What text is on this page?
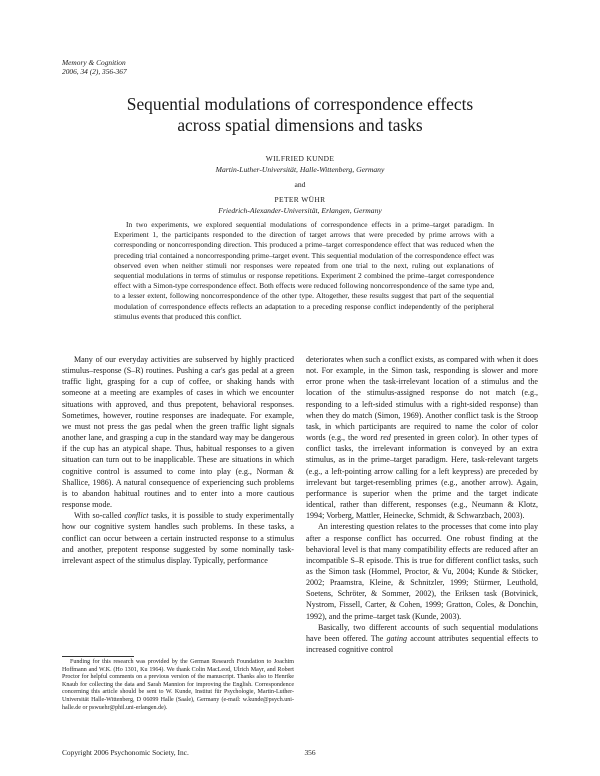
Memory & Cognition
2006, 34 (2), 356-367
Sequential modulations of correspondence effects
across spatial dimensions and tasks
WILFRIED KUNDE
Martin-Luther-Universität, Halle-Wittenberg, Germany
and
PETER WÜHR
Friedrich-Alexander-Universität, Erlangen, Germany
In two experiments, we explored sequential modulations of correspondence effects in a prime–target paradigm. In Experiment 1, the participants responded to the direction of target arrows that were preceded by prime arrows with a corresponding or noncorresponding direction. This produced a prime–target correspondence effect that was reduced when the preceding trial contained a noncorresponding prime–target event. This sequential modulation of the correspondence effect was observed even when neither stimuli nor responses were repeated from one trial to the next, ruling out explanations of sequential modulations in terms of stimulus or response repetitions. Experiment 2 combined the prime–target correspondence effect with a Simon-type correspondence effect. Both effects were reduced following noncorrespondence of the same type and, to a lesser extent, following noncorrespondence of the other type. Altogether, these results suggest that part of the sequential modulation of correspondence effects reflects an adaptation to a preceding response conflict independently of the peripheral stimulus events that produced this conflict.

Many of our everyday activities are subserved by highly practiced stimulus–response (S–R) routines. Pushing a car's gas pedal at a green traffic light, grasping for a cup of coffee, or shaking hands with someone at a meeting are examples of cases in which we encounter situations with approved, and thus prepotent, behavioral responses. Sometimes, however, routine responses are inadequate. For example, we must not press the gas pedal when the green traffic light signals another lane, and grasping a cup in the standard way may be dangerous if the cup has an atypical shape. Thus, habitual responses to a given situation can turn out to be inapplicable. These are situations in which cognitive control is assumed to come into play (e.g., Norman & Shallice, 1986). A natural consequence of experiencing such problems is to abandon habitual routines and to enter into a more cautious response mode.

With so-called conflict tasks, it is possible to study experimentally how our cognitive system handles such problems. In these tasks, a conflict can occur between a certain instructed response to a stimulus and another, prepotent response suggested by some nominally task-irrelevant aspect of the stimulus display. Typically, performance

deteriorates when such a conflict exists, as compared with when it does not. For example, in the Simon task, responding is slower and more error prone when the task-irrelevant location of a stimulus and the location of the stimulus-assigned response do not match (e.g., responding to a left-sided stimulus with a right-sided response) than when they do match (Simon, 1969). Another conflict task is the Stroop task, in which participants are required to name the color of color words (e.g., the word red presented in green color). In other types of conflict tasks, the irrelevant information is conveyed by an extra stimulus, as in the prime–target paradigm. Here, task-relevant targets (e.g., a left-pointing arrow calling for a left keypress) are preceded by irrelevant but target-resembling primes (e.g., another arrow). Again, performance is superior when the prime and the target indicate identical, rather than different, responses (e.g., Neumann & Klotz, 1994; Vorberg, Mattler, Heinecke, Schmidt, & Schwarzbach, 2003).

An interesting question relates to the processes that come into play after a response conflict has occurred. One robust finding at the behavioral level is that many compatibility effects are reduced after an incompatible S–R episode. This is true for different conflict tasks, such as the Simon task (Hommel, Proctor, & Vu, 2004; Kunde & Stöcker, 2002; Praamstra, Kleine, & Schnitzler, 1999; Stürmer, Leuthold, Soetens, Schröter, & Sommer, 2002), the Eriksen task (Botvinick, Nystrom, Fissell, Carter, & Cohen, 1999; Gratton, Coles, & Donchin, 1992), and the prime–target task (Kunde, 2003).

Basically, two different accounts of such sequential modulations have been offered. The gating account attributes sequential effects to increased cognitive control

Funding for this research was provided by the German Research Foundation to Joachim Hoffmann and W.K. (Ho 1301, Ku 1964). We thank Colin MacLeod, Ulrich Mayr, and Robert Proctor for helpful comments on a previous version of the manuscript. Thanks also to Henrike Knaub for collecting the data and Sarah Mannion for improving the English. Correspondence concerning this article should be sent to W. Kunde, Institut für Psychologie, Martin-Luther-Universität Halle-Wittenberg, D 06099 Halle (Saale), Germany (e-mail: w.kunde@psych.uni-halle.de or pswuehr@phil.uni-erlangen.de).

Copyright 2006 Psychonomic Society, Inc.	356
